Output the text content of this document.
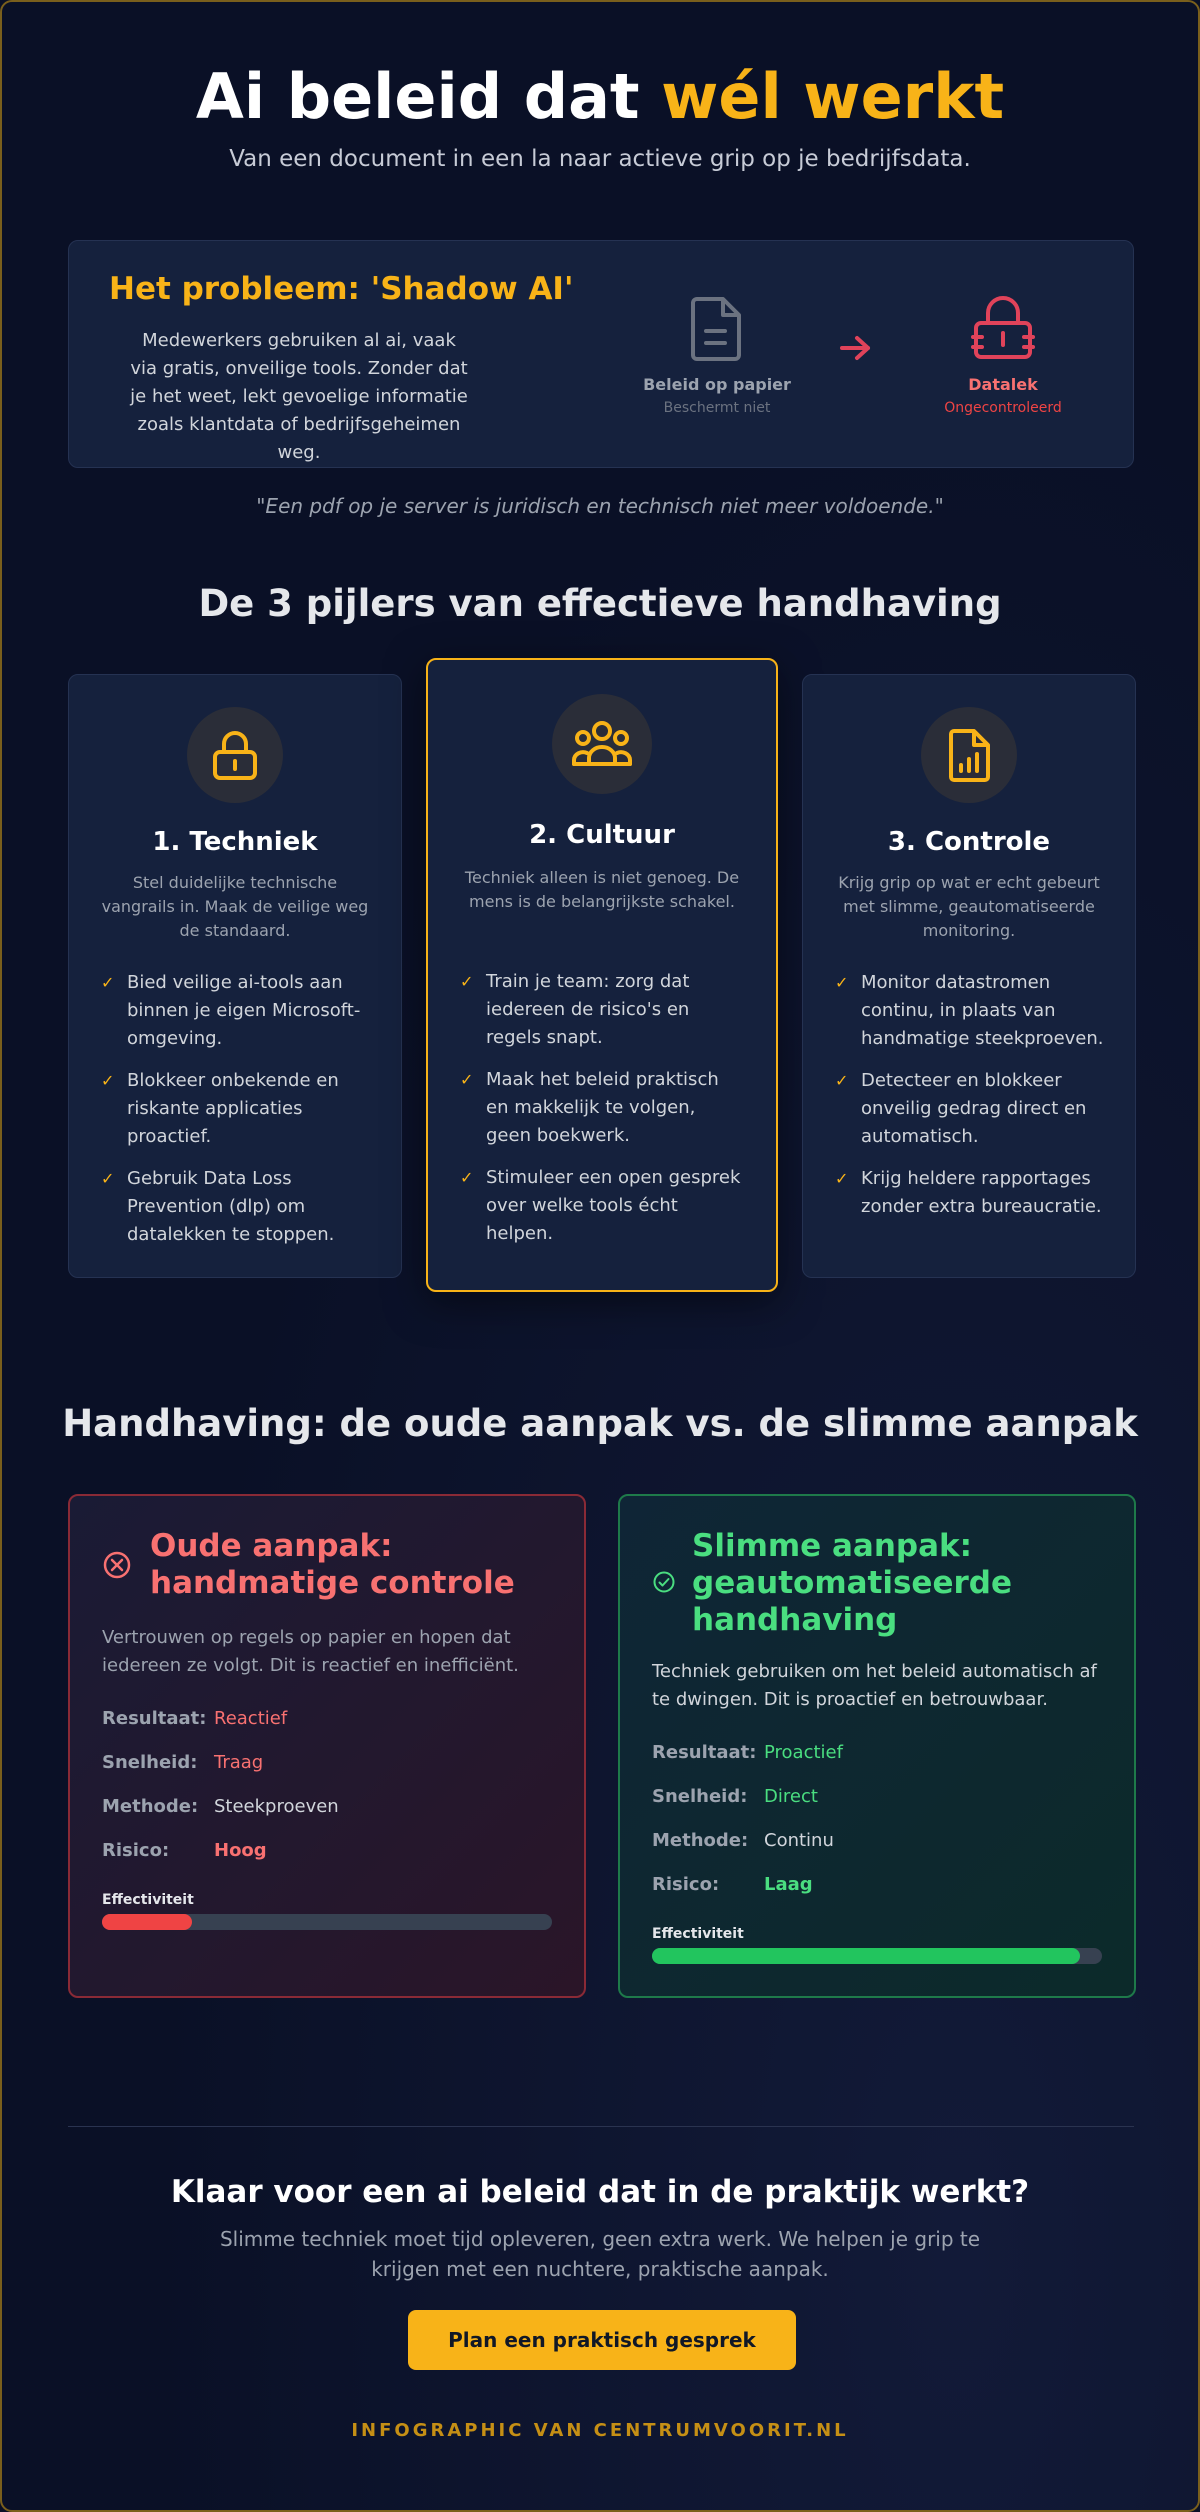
Ai beleid dat wél werkt

Van een document in een la naar actieve grip op je bedrijfsdata.

Het probleem: 'Shadow AI'
Medewerkers gebruiken al ai, vaak via gratis, onveilige tools. Zonder dat je het weet, lekt gevoelige informatie zoals klantdata of bedrijfsgeheimen weg.
Beleid op papier
Beschermt niet
Datalek
Ongecontroleerd

"Een pdf op je server is juridisch en technisch niet meer voldoende."

De 3 pijlers van effectieve handhaving
1. Techniek
Stel duidelijke technische vangrails in. Maak de veilige weg de standaard.
✓ Bied veilige ai-tools aan binnen je eigen Microsoft-omgeving.
✓ Blokkeer onbekende en riskante applicaties proactief.
✓ Gebruik Data Loss Prevention (dlp) om datalekken te stoppen.
2. Cultuur
Techniek alleen is niet genoeg. De mens is de belangrijkste schakel.
✓ Train je team: zorg dat iedereen de risico's en regels snapt.
✓ Maak het beleid praktisch en makkelijk te volgen, geen boekwerk.
✓ Stimuleer een open gesprek over welke tools écht helpen.
3. Controle
Krijg grip op wat er echt gebeurt met slimme, geautomatiseerde monitoring.
✓ Monitor datastromen continu, in plaats van handmatige steekproeven.
✓ Detecteer en blokkeer onveilig gedrag direct en automatisch.
✓ Krijg heldere rapportages zonder extra bureaucratie.
Handhaving: de oude aanpak vs. de slimme aanpak
Oude aanpak:
handmatige controle
Vertrouwen op regels op papier en hopen dat iedereen ze volgt. Dit is reactief en inefficiënt.
Resultaat: Reactief
Snelheid: Traag
Methode: Steekproeven
Risico: Hoog
Effectiviteit
Slimme aanpak:
geautomatiseerde
handhaving
Techniek gebruiken om het beleid automatisch af te dwingen. Dit is proactief en betrouwbaar.
Resultaat: Proactief
Snelheid: Direct
Methode: Continu
Risico: Laag
Effectiviteit
Klaar voor een ai beleid dat in de praktijk werkt?

Slimme techniek moet tijd opleveren, geen extra werk. We helpen je grip te krijgen met een nuchtere, praktische aanpak.

Plan een praktisch gesprek
INFOGRAPHIC VAN CENTRUMVOORIT.NL
